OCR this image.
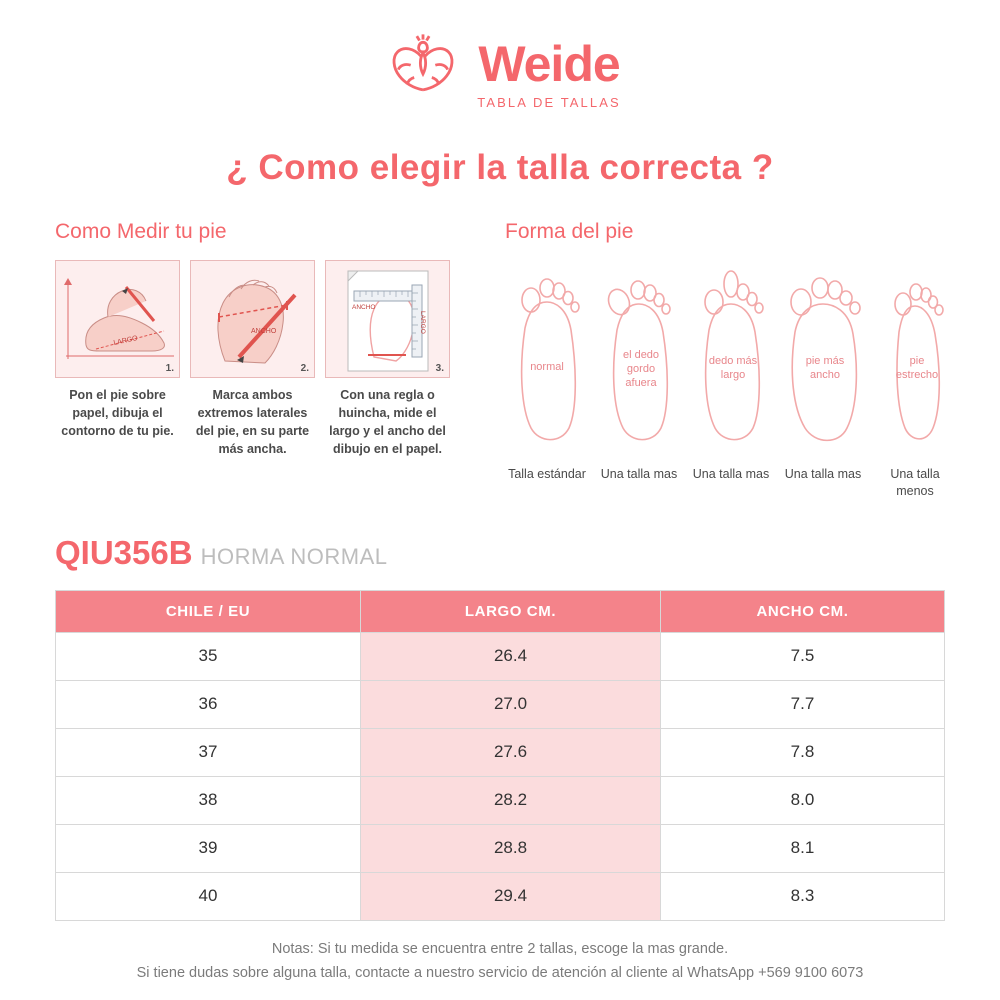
Weide
TABLA DE TALLAS
¿ Como elegir la talla correcta ?
Como Medir tu pie
LARGO
1.
Pon el pie sobre papel, dibuja el contorno de tu pie.
ANCHO
2.
Marca ambos extremos laterales del pie, en su parte más ancha.
ANCHO
LARGO
3.
Con una regla o huincha, mide el largo y el ancho del dibujo en el papel.
Forma del pie
normal
Talla estándar
el dedo
gordo
afuera
Una talla mas
dedo más
largo
Una talla mas
pie más
ancho
Una talla mas
pie
estrecho
Una talla menos
QIU356B HORMA NORMAL
CHILE / EU	LARGO CM.	ANCHO CM.
35	26.4	7.5
36	27.0	7.7
37	27.6	7.8
38	28.2	8.0
39	28.8	8.1
40	29.4	8.3
Notas: Si tu medida se encuentra entre 2 tallas, escoge la mas grande.
Si tiene dudas sobre alguna talla, contacte a nuestro servicio de atención al cliente al WhatsApp +569 9100 6073
